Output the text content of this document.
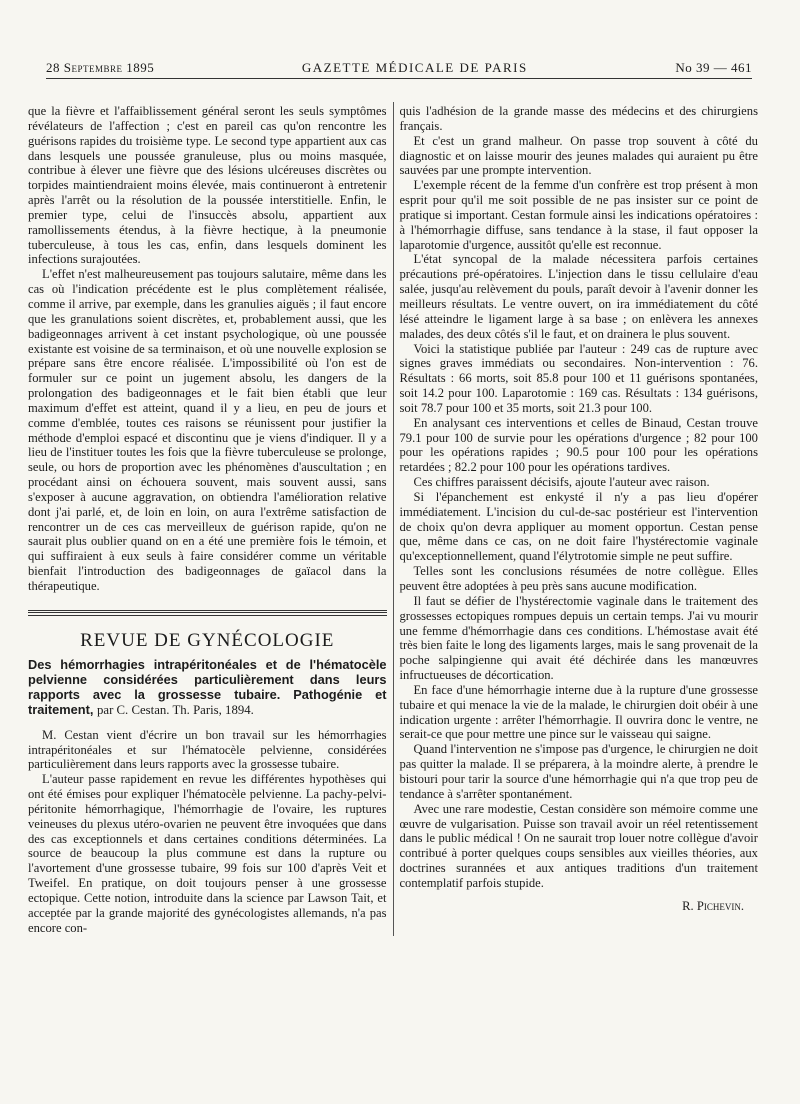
28 Septembre 1895	GAZETTE MÉDICALE DE PARIS	No 39 — 461

que la fièvre et l'affaiblissement général seront les seuls symptômes révélateurs de l'affection ; c'est en pareil cas qu'on rencontre les guérisons rapides du troisième type. Le second type appartient aux cas dans lesquels une poussée granuleuse, plus ou moins masquée, contribue à élever une fièvre que des lésions ulcéreuses discrètes ou torpides maintiendraient moins élevée, mais continueront à entretenir après l'arrêt ou la résolution de la poussée interstitielle. Enfin, le premier type, celui de l'insuccès absolu, appartient aux ramollissements étendus, à la fièvre hectique, à la pneumonie tuberculeuse, à tous les cas, enfin, dans lesquels dominent les infections surajoutées.

L'effet n'est malheureusement pas toujours salutaire, même dans les cas où l'indication précédente est le plus complètement réalisée, comme il arrive, par exemple, dans les granulies aiguës ; il faut encore que les granulations soient discrètes, et, probablement aussi, que les badigeonnages arrivent à cet instant psychologique, où une poussée existante est voisine de sa terminaison, et où une nouvelle explosion se prépare sans être encore réalisée. L'impossibilité où l'on est de formuler sur ce point un jugement absolu, les dangers de la prolongation des badigeonnages et le fait bien établi que leur maximum d'effet est atteint, quand il y a lieu, en peu de jours et comme d'emblée, toutes ces raisons se réunissent pour justifier la méthode d'emploi espacé et discontinu que je viens d'indiquer. Il y a lieu de l'instituer toutes les fois que la fièvre tuberculeuse se prolonge, seule, ou hors de proportion avec les phénomènes d'auscultation ; en procédant ainsi on échouera souvent, mais souvent aussi, sans s'exposer à aucune aggravation, on obtiendra l'amélioration relative dont j'ai parlé, et, de loin en loin, on aura l'extrême satisfaction de rencontrer un de ces cas merveilleux de guérison rapide, qu'on ne saurait plus oublier quand on en a été une première fois le témoin, et qui suffiraient à eux seuls à faire considérer comme un véritable bienfait l'introduction des badigeonnages de gaïacol dans la thérapeutique.

REVUE DE GYNÉCOLOGIE

Des hémorrhagies intrapéritonéales et de l'hématocèle pelvienne considérées particulièrement dans leurs rapports avec la grossesse tubaire. Pathogénie et traitement, par C. Cestan. Th. Paris, 1894.

M. Cestan vient d'écrire un bon travail sur les hémorrhagies intrapéritonéales et sur l'hématocèle pelvienne, considérées particulièrement dans leurs rapports avec la grossesse tubaire.

L'auteur passe rapidement en revue les différentes hypothèses qui ont été émises pour expliquer l'hématocèle pelvienne. La pachy-pelvi-péritonite hémorrhagique, l'hémorrhagie de l'ovaire, les ruptures veineuses du plexus utéro-ovarien ne peuvent être invoquées que dans des cas exceptionnels et dans certaines conditions déterminées. La source de beaucoup la plus commune est dans la rupture ou l'avortement d'une grossesse tubaire, 99 fois sur 100 d'après Veit et Tweifel. En pratique, on doit toujours penser à une grossesse ectopique. Cette notion, introduite dans la science par Lawson Tait, et acceptée par la grande majorité des gynécologistes allemands, n'a pas encore con-

quis l'adhésion de la grande masse des médecins et des chirurgiens français.

Et c'est un grand malheur. On passe trop souvent à côté du diagnostic et on laisse mourir des jeunes malades qui auraient pu être sauvées par une prompte intervention.

L'exemple récent de la femme d'un confrère est trop présent à mon esprit pour qu'il me soit possible de ne pas insister sur ce point de pratique si important. Cestan formule ainsi les indications opératoires : à l'hémorrhagie diffuse, sans tendance à la stase, il faut opposer la laparotomie d'urgence, aussitôt qu'elle est reconnue.

L'état syncopal de la malade nécessitera parfois certaines précautions pré-opératoires. L'injection dans le tissu cellulaire d'eau salée, jusqu'au relèvement du pouls, paraît devoir à l'avenir donner les meilleurs résultats. Le ventre ouvert, on ira immédiatement du côté lésé atteindre le ligament large à sa base ; on enlèvera les annexes malades, des deux côtés s'il le faut, et on drainera le plus souvent.

Voici la statistique publiée par l'auteur : 249 cas de rupture avec signes graves immédiats ou secondaires. Non-intervention : 76. Résultats : 66 morts, soit 85.8 pour 100 et 11 guérisons spontanées, soit 14.2 pour 100. Laparotomie : 169 cas. Résultats : 134 guérisons, soit 78.7 pour 100 et 35 morts, soit 21.3 pour 100.

En analysant ces interventions et celles de Binaud, Cestan trouve 79.1 pour 100 de survie pour les opérations d'urgence ; 82 pour 100 pour les opérations rapides ; 90.5 pour 100 pour les opérations retardées ; 82.2 pour 100 pour les opérations tardives.

Ces chiffres paraissent décisifs, ajoute l'auteur avec raison.

Si l'épanchement est enkysté il n'y a pas lieu d'opérer immédiatement. L'incision du cul-de-sac postérieur est l'intervention de choix qu'on devra appliquer au moment opportun. Cestan pense que, même dans ce cas, on ne doit faire l'hystérectomie vaginale qu'exceptionnellement, quand l'élytrotomie simple ne peut suffire.

Telles sont les conclusions résumées de notre collègue. Elles peuvent être adoptées à peu près sans aucune modification.

Il faut se défier de l'hystérectomie vaginale dans le traitement des grossesses ectopiques rompues depuis un certain temps. J'ai vu mourir une femme d'hémorrhagie dans ces conditions. L'hémostase avait été très bien faite le long des ligaments larges, mais le sang provenait de la poche salpingienne qui avait été déchirée dans les manœuvres infructueuses de décortication.

En face d'une hémorrhagie interne due à la rupture d'une grossesse tubaire et qui menace la vie de la malade, le chirurgien doit obéir à une indication urgente : arrêter l'hémorrhagie. Il ouvrira donc le ventre, ne serait-ce que pour mettre une pince sur le vaisseau qui saigne.

Quand l'intervention ne s'impose pas d'urgence, le chirurgien ne doit pas quitter la malade. Il se préparera, à la moindre alerte, à prendre le bistouri pour tarir la source d'une hémorrhagie qui n'a que trop peu de tendance à s'arrêter spontanément.

Avec une rare modestie, Cestan considère son mémoire comme une œuvre de vulgarisation. Puisse son travail avoir un réel retentissement dans le public médical ! On ne saurait trop louer notre collègue d'avoir contribué à porter quelques coups sensibles aux vieilles théories, aux doctrines surannées et aux antiques traditions d'un traitement contemplatif parfois stupide.

R. Pichevin.
